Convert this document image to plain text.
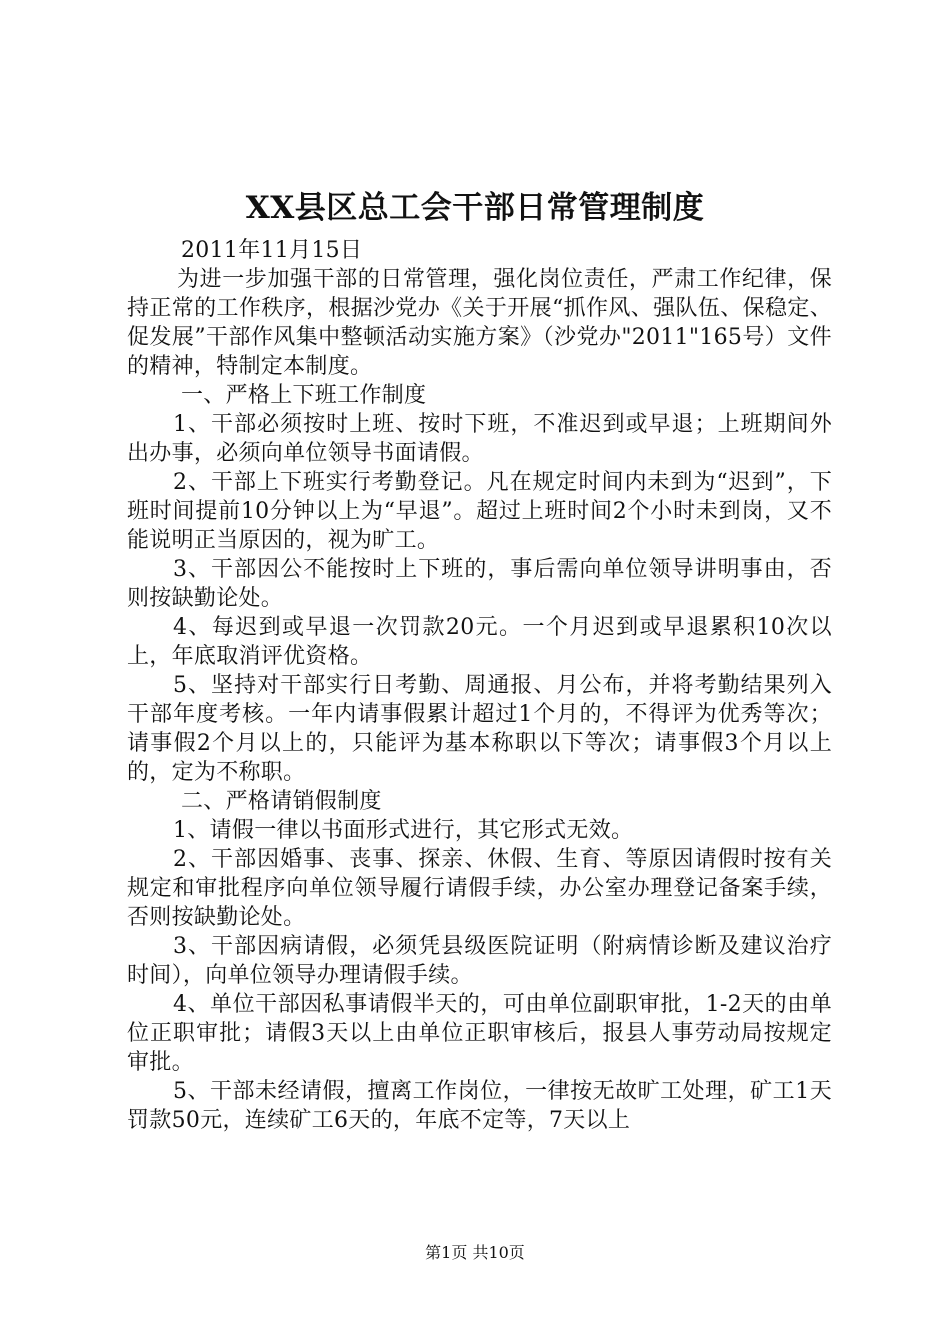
XX县区总工会干部日常管理制度

2011年11月15日

为进一步加强干部的日常管理，强化岗位责任，严肃工作纪律，保持正常的工作秩序，根据沙党办《关于开展“抓作风、强队伍、保稳定、促发展”干部作风集中整顿活动实施方案》（沙党办"2011"165号）文件的精神，特制定本制度。

一、严格上下班工作制度

1、干部必须按时上班、按时下班，不准迟到或早退；上班期间外出办事，必须向单位领导书面请假。

2、干部上下班实行考勤登记。凡在规定时间内未到为“迟到”，下班时间提前10分钟以上为“早退”。超过上班时间2个小时未到岗，又不能说明正当原因的，视为旷工。

3、干部因公不能按时上下班的，事后需向单位领导讲明事由，否则按缺勤论处。

4、每迟到或早退一次罚款20元。一个月迟到或早退累积10次以上，年底取消评优资格。

5、坚持对干部实行日考勤、周通报、月公布，并将考勤结果列入干部年度考核。一年内请事假累计超过1个月的，不得评为优秀等次；请事假2个月以上的，只能评为基本称职以下等次；请事假3个月以上的，定为不称职。

二、严格请销假制度

1、请假一律以书面形式进行，其它形式无效。

2、干部因婚事、丧事、探亲、休假、生育、等原因请假时按有关规定和审批程序向单位领导履行请假手续，办公室办理登记备案手续，否则按缺勤论处。

3、干部因病请假，必须凭县级医院证明（附病情诊断及建议治疗时间），向单位领导办理请假手续。

4、单位干部因私事请假半天的，可由单位副职审批，1-2天的由单位正职审批；请假3天以上由单位正职审核后，报县人事劳动局按规定审批。

5、干部未经请假，擅离工作岗位，一律按无故旷工处理，矿工1天罚款50元，连续矿工6天的，年底不定等，7天以上

第1页 共10页
